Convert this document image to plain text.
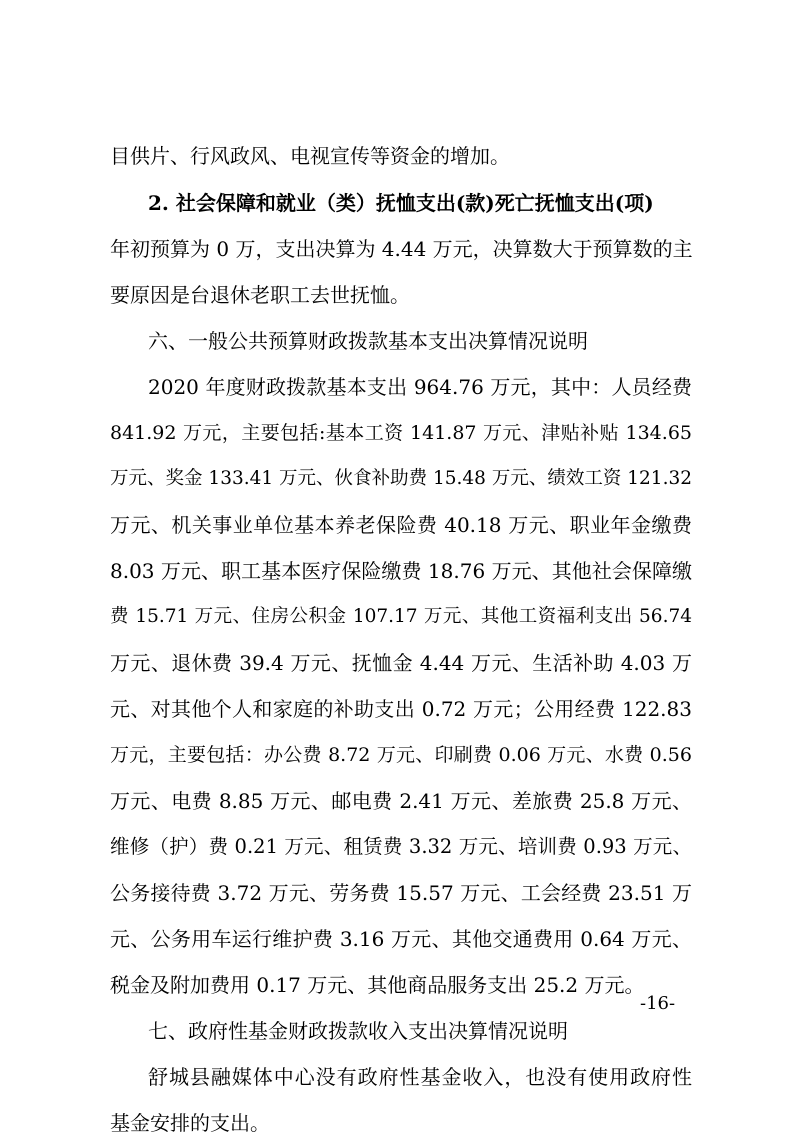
目供片、行风政风、电视宣传等资金的增加。
2. 社会保障和就业（类）抚恤支出(款)死亡抚恤支出(项)
年初预算为 0 万，支出决算为 4.44 万元，决算数大于预算数的主
要原因是台退休老职工去世抚恤。
六、一般公共预算财政拨款基本支出决算情况说明
2020 年度财政拨款基本支出 964.76 万元，其中：人员经费
841.92 万元，主要包括:基本工资 141.87 万元、津贴补贴 134.65
万元、奖金 133.41 万元、伙食补助费 15.48 万元、绩效工资 121.32
万元、机关事业单位基本养老保险费 40.18 万元、职业年金缴费
8.03 万元、职工基本医疗保险缴费 18.76 万元、其他社会保障缴
费 15.71 万元、住房公积金 107.17 万元、其他工资福利支出 56.74
万元、退休费 39.4 万元、抚恤金 4.44 万元、生活补助 4.03 万
元、对其他个人和家庭的补助支出 0.72 万元；公用经费 122.83
万元，主要包括：办公费 8.72 万元、印刷费 0.06 万元、水费 0.56
万元、电费 8.85 万元、邮电费 2.41 万元、差旅费 25.8 万元、
维修（护）费 0.21 万元、租赁费 3.32 万元、培训费 0.93 万元、
公务接待费 3.72 万元、劳务费 15.57 万元、工会经费 23.51 万
元、公务用车运行维护费 3.16 万元、其他交通费用 0.64 万元、
税金及附加费用 0.17 万元、其他商品服务支出 25.2 万元。
七、政府性基金财政拨款收入支出决算情况说明
舒城县融媒体中心没有政府性基金收入，也没有使用政府性
基金安排的支出。
-16-
